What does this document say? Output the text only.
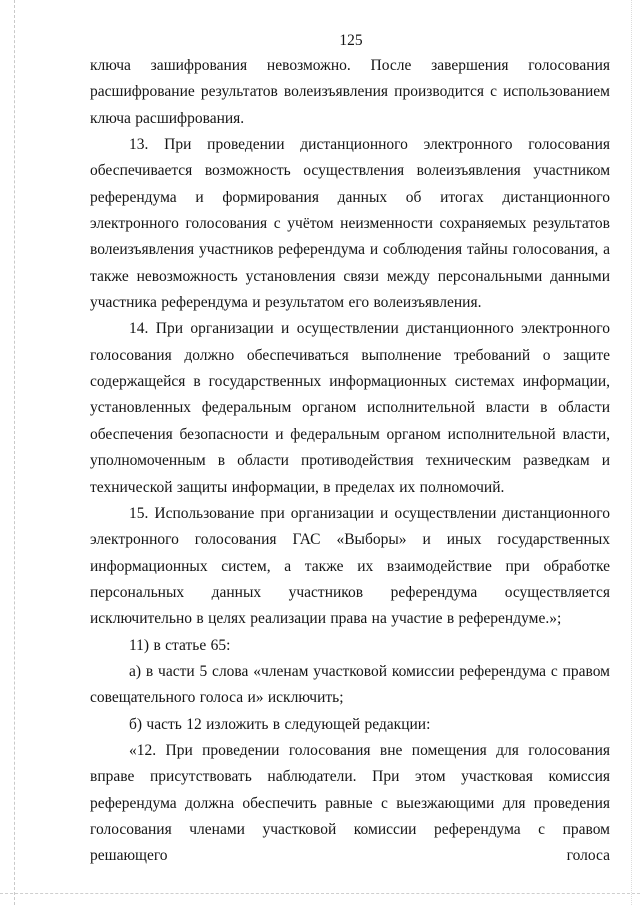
125

ключа зашифрования невозможно. После завершения голосования расшифрование результатов волеизъявления производится с использованием ключа расшифрования.

13. При проведении дистанционного электронного голосования обеспечивается возможность осуществления волеизъявления участником референдума и формирования данных об итогах дистанционного электронного голосования с учётом неизменности сохраняемых результатов волеизъявления участников референдума и соблюдения тайны голосования, а также невозможность установления связи между персональными данными участника референдума и результатом его волеизъявления.

14. При организации и осуществлении дистанционного электронного голосования должно обеспечиваться выполнение требований о защите содержащейся в государственных информационных системах информации, установленных федеральным органом исполнительной власти в области обеспечения безопасности и федеральным органом исполнительной власти, уполномоченным в области противодействия техническим разведкам и технической защиты информации, в пределах их полномочий.

15. Использование при организации и осуществлении дистанционного электронного голосования ГАС «Выборы» и иных государственных информационных систем, а также их взаимодействие при обработке персональных данных участников референдума осуществляется исключительно в целях реализации права на участие в референдуме.»;

11) в статье 65:

а) в части 5 слова «членам участковой комиссии референдума с правом совещательного голоса и» исключить;

б) часть 12 изложить в следующей редакции:

«12. При проведении голосования вне помещения для голосования вправе присутствовать наблюдатели. При этом участковая комиссия референдума должна обеспечить равные с выезжающими для проведения голосования членами участковой комиссии референдума с правом решающего голоса
